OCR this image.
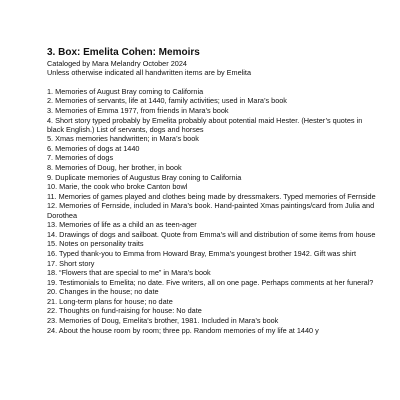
3. Box: Emelita Cohen: Memoirs

Cataloged by Mara Melandry October 2024

Unless otherwise indicated all handwritten items are by Emelita

1. Memories of August Bray coming to California
2. Memories of servants, life at 1440, family activities; used in Mara’s book
3. Memories of Emma 1977, from friends in Mara’s book
4. Short story typed probably by Emelita probably about potential maid Hester. (Hester’s quotes in black English.) List of servants, dogs and horses
5. Xmas memories handwritten; in Mara’s book
6. Memories of dogs at 1440
7. Memories of dogs
8. Memories of Doug, her brother, in book
9. Duplicate memories of Augustus Bray coning to California
10. Marie, the cook who broke Canton bowl
11. Memories of games played and clothes being made by dressmakers. Typed memories of Fernside
12. Memories of Fernside, included in Mara’s book. Hand-painted Xmas paintings/card from Julia and Dorothea
13. Memories of life as a child an as teen-ager
14. Drawings of dogs and sailboat. Quote from Emma’s will and distribution of some items from house
15. Notes on personality traits
16. Typed thank-you to Emma from Howard Bray, Emma’s youngest brother 1942. Gift was shirt
17. Short story
18. “Flowers that are special to me” in Mara’s book
19. Testimonials to Emelita; no date. Five writers, all on one page. Perhaps comments at her funeral?
20. Changes in the house; no date
21. Long-term plans for house; no date
22. Thoughts on fund-raising for house: No date
23. Memories of Doug, Emelita’s brother, 1981. Included in Mara’s book
24. About the house room by room; three pp. Random memories of my life at 1440 y
